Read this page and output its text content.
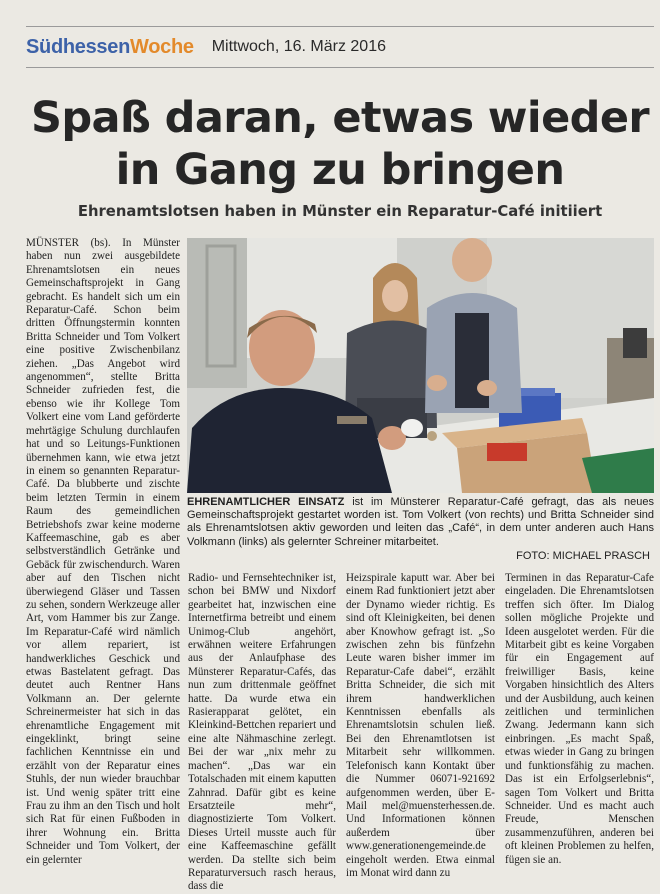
SüdhessenWoche Mittwoch, 16. März 2016
Spaß daran, etwas wieder
in Gang zu bringen
Ehrenamtslotsen haben in Münster ein Reparatur-Café initiiert

MÜNSTER (bs). In Münster haben nun zwei ausgebildete Ehrenamtslotsen ein neues Gemeinschaftsprojekt in Gang gebracht. Es handelt sich um ein Reparatur-Café. Schon beim dritten Öffnungstermin konnten Britta Schneider und Tom Volkert eine positive Zwischenbilanz ziehen. „Das Angebot wird angenommen“, stellte Britta Schneider zufrieden fest, die ebenso wie ihr Kollege Tom Volkert eine vom Land geförderte mehrtägige Schulung durchlaufen hat und so Leitungs-Funktionen übernehmen kann, wie etwa jetzt in einem so genannten Reparatur-Café. Da blubberte und zischte beim letzten Termin in einem Raum des gemeindlichen Betriebshofs zwar keine moderne Kaffeemaschine, gab es aber selbstverständlich Getränke und Gebäck für zwischendurch. Waren aber auf den Tischen nicht überwiegend Gläser und Tassen zu sehen, sondern Werkzeuge aller Art, vom Hammer bis zur Zange. Im Reparatur-Café wird nämlich vor allem repariert, ist handwerkliches Geschick und etwas Bastelatent gefragt. Das deutet auch Rentner Hans Volkmann an. Der gelernte Schreinermeister hat sich in das ehrenamtliche Engagement mit eingeklinkt, bringt seine fachlichen Kenntnisse ein und erzählt von der Reparatur eines Stuhls, der nun wieder brauchbar ist. Und wenig später tritt eine Frau zu ihm an den Tisch und holt sich Rat für einen Fußboden in ihrer Wohnung ein. Britta Schneider und Tom Volkert, der ein gelernter

EHRENAMTLICHER EINSATZ ist im Münsterer Reparatur-Café gefragt, das als neues Gemeinschaftsprojekt gestartet worden ist. Tom Volkert (von rechts) und Britta Schneider sind als Ehrenamtslotsen aktiv geworden und leiten das „Café“, in dem unter anderen auch Hans Volkmann (links) als gelernter Schreiner mitarbeitet.
FOTO: MICHAEL PRASCH

Radio- und Fernsehtechniker ist, schon bei BMW und Nixdorf gearbeitet hat, inzwischen eine Internetfirma betreibt und einem Unimog-Club angehört, erwähnen weitere Erfahrungen aus der Anlaufphase des Münsterer Reparatur-Cafés, das nun zum drittenmale geöffnet hatte. Da wurde etwa ein Rasierapparat gelötet, ein Kleinkind-Bettchen repariert und eine alte Nähmaschine zerlegt. Bei der war „nix mehr zu machen“. „Das war ein Totalschaden mit einem kaputten Zahnrad. Dafür gibt es keine Ersatzteile mehr“, diagnostizierte Tom Volkert. Dieses Urteil musste auch für eine Kaffeemaschine gefällt werden. Da stellte sich beim Reparaturversuch rasch heraus, dass die

Heizspirale kaputt war. Aber bei einem Rad funktioniert jetzt aber der Dynamo wieder richtig. Es sind oft Kleinigkeiten, bei denen aber Knowhow gefragt ist. „So zwischen zehn bis fünfzehn Leute waren bisher immer im Reparatur-Cafe dabei“, erzählt Britta Schneider, die sich mit ihrem handwerklichen Kenntnissen ebenfalls als Ehrenamtslotsin schulen ließ. Bei den Ehrenamtlotsen ist Mitarbeit sehr willkommen. Telefonisch kann Kontakt über die Nummer 06071-921692 aufgenommen werden, über E-Mail mel@muensterhessen.de. Und Informationen können außerdem über www.generationengemeinde.de eingeholt werden. Etwa einmal im Monat wird dann zu

Terminen in das Reparatur-Cafe eingeladen. Die Ehrenamtslotsen treffen sich öfter. Im Dialog sollen mögliche Projekte und Ideen ausgelotet werden. Für die Mitarbeit gibt es keine Vorgaben für ein Engagement auf freiwilliger Basis, keine Vorgaben hinsichtlich des Alters und der Ausbildung, auch keinen zeitlichen und terminlichen Zwang. Jedermann kann sich einbringen. „Es macht Spaß, etwas wieder in Gang zu bringen und funktionsfähig zu machen. Das ist ein Erfolgserlebnis“, sagen Tom Volkert und Britta Schneider. Und es macht auch Freude, Menschen zusammenzuführen, anderen bei oft kleinen Problemen zu helfen, fügen sie an.
